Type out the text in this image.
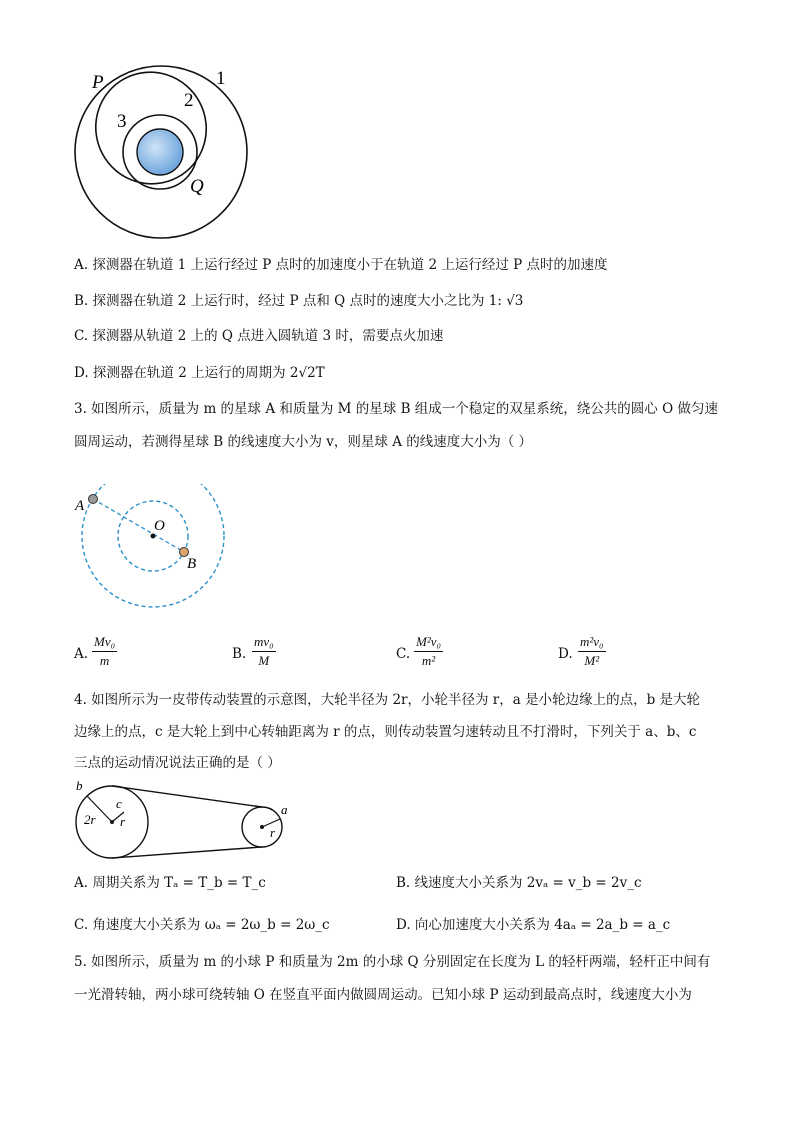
P	1
2
3
Q
A. 探测器在轨道 1 上运行经过 P 点时的加速度小于在轨道 2 上运行经过 P 点时的加速度
B. 探测器在轨道 2 上运行时，经过 P 点和 Q 点时的速度大小之比为 1: √3
C. 探测器从轨道 2 上的 Q 点进入圆轨道 3 时，需要点火加速
D. 探测器在轨道 2 上运行的周期为 2√2T
3. 如图所示，质量为 m 的星球 A 和质量为 M 的星球 B 组成一个稳定的双星系统，绕公共的圆心 O 做匀速
圆周运动，若测得星球 B 的线速度大小为 v，则星球 A 的线速度大小为（ ）
A
O
B
A. $\frac{\text{Mv₀}}{m}$	B. $\frac{\text{mv₀}}{M}$	C. $\frac{\text{M²v₀}}{\text{m²}}$	D. $\frac{\text{m²v₀}}{\text{M²}}$
4. 如图所示为一皮带传动装置的示意图，大轮半径为 2r，小轮半径为 r，a 是小轮边缘上的点，b 是大轮
边缘上的点，c 是大轮上到中心转轴距离为 r 的点，则传动装置匀速转动且不打滑时，下列关于 a、b、c
三点的运动情况说法正确的是（ ）
b
c
2r r
a
r
A. 周期关系为 Tₐ = T_b = T_c	B. 线速度大小关系为 2vₐ = v_b = 2v_c
C. 角速度大小关系为 ωₐ = 2ω_b = 2ω_c	D. 向心加速度大小关系为 4aₐ = 2a_b = a_c
5. 如图所示，质量为 m 的小球 P 和质量为 2m 的小球 Q 分别固定在长度为 L 的轻杆两端，轻杆正中间有
一光滑转轴，两小球可绕转轴 O 在竖直平面内做圆周运动。已知小球 P 运动到最高点时，线速度大小为
